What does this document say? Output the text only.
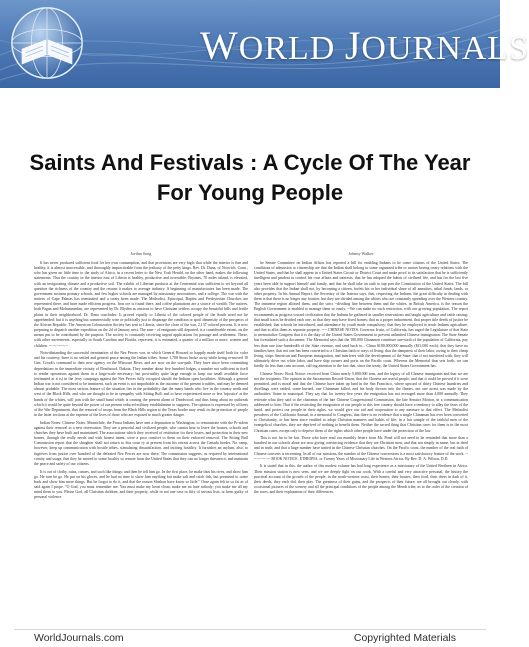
WORLD JOURNALS
Saints And Festivals : A Cycle Of The Year For Young People
Jordan Song

It has never produced sufficient food for her own consumption, and that provisions are very high; that while the interior is fine and healthy, it is almost inaccessible, and thoroughly impracticable from the jealousy of the petty kings. Rev. Dr. Dana, of Norwich, Conn., who has given no little time to the study of Africa, in a recent letter to the New York Herald, on the other hand, makes the following statements: That the country in the interior east of Liberia is healthy, productive and accessible; Bryanes, 70 miles inland, is elevated, with an invigorating climate and a productive soil. The exhibit of Liberian products at the Centennial was sufficient to set beyond all question the richness of the country and the returns it makes to average industry. A beginning of manufactories has been made. The government sustains primary schools, and few higher schools are managed by missionary associations, and a college. The war with the natives of Cape Palmas has terminated and a treaty been made. The Methodist, Episcopal, Baptist and Presbyterian Churches are represented there, and have made efficient progress. Iron ore is found there, and coffee plantations are a source of wealth. The natives, both Pagan and Mohammedan, are represented by Dr. Blyden as anxious to have Christian settlers occupy the beautiful hills and fertile plains in their neighborhood. Dr. Dana concludes: It proved equally to Liberia of the colored people of the South need not be apprehended; but it is anything but commercially wise or politically just to disparage the condition or spoil dimensity of the prospects of the African Republic. The American Colonization Society has sent to Liberia, since the close of the war, 2,137 colored persons. It is now preparing to dispatch another expedition on the 2d of January next. The sum-- of emigrants still departed, is a considerable extent, on the means put to be contributed by the purpose. The society is constantly receiving urgent applications for passage and settlement. These, with other movements, especially in South Carolina and Florida, represent, it is estimated, a quarter of a million or more, women and children. -----:------:--

Notwithstanding the successful termination of the Nez Perces war, in which General Howard so happily made itself both for valor and his courtesy, there is no settled and general peace among the Indian tribes. Some 1,700 Sioux broke away while being re-moved 10 Gen. Crook's command to their new agency on the Missouri River, and are now on the war-path. They have since been committing depredations in the immediate vicinity of Deadwood, Dakota. They number about five hundred lodges, a number not sufficient in itself to render operations against them in a large-scale necessary; but post-utility quite large enough to keep our small available force (estimated at it is) in the ferry campaign against the Nez Perces fully occupied should the Indians open hostilities. Although a general Indian war is not considered to be imminent, such an event is not improbable as the outcome of the present troubles, and may be deemed almost probable. The most serious feature of the situation lies in the probability that the many bands who live in the country north and west of the Black Hills, and who are thought to be in sympathy with Sitting Bull, and to have experienced more or less 'injustice' at the hands of the whites, will join with the small band which is causing the present alarm of Deadwood; and thus bring about no outbreak which it would be quite beyond the power of our present reduced military establishment to suppress. The opinion is expressed by officers of the War Department, that the removal of troops from the Black Hills region to the Texas border may result in the protection of people in the latter sections at the expense of the lives of those who are exposed to much greater danger.

Indian Notes: Chinese Notes. Meanwhile, the Ponca Indians have sent a deputation to Washington, to remonstrate with the Pr-sident against their removal to a new reservation. They are a peaceful and civilized people, who cannot bear to leave the houses, schools and churches they have built and maintained. The associations which they received of restitution for their losses, and protection in their new homes, through the really needs and with honest intent, were a poor comfort to them on their enforced removal. The Sitting Bull Commission report that the slaughter shall not return to this coun ry at present from his retreat across the Canada border. No camp, however, keep up communication with hostile tribes, stimulating dissatisfaction, and inciting hostility. It furnishes an asylum, also, to fugitives from justice over hundred of the defeated Nez Perces are now there. The commission suggests, as required by international comity and usage, that they be moved to some locality so remote from the United States that they can no longer threaten it, and maintain the peace and safety of our citizens.

It is out of clothy, rains, canoes, and such like things; and then he tell him go. In the first place, he make thus his rives, and show him go. He turn he go. He put on his gloves, and he had no time to show him anything but make salt and catch fish, but promised to come back and show him more things. But he forgot to do it, and that the reason Shishon have know so little." Ouse again felt in so fat as of said again I prope. "O God, you must remember me. You must make my heart clean; make me no hate nobody; you make me all my mind them to you. Please God, all Christian children, and their property, while in not one case in fifty of serious lists, or been guilty of personal violence.

Johnny Walker

he Senate Committee on Indian Affairs has reported a bill for enabling Indians to be come citizens of the United States. The conditions of admission to citizenship are that the Indian shall belong to some organized tribe or nation having treaty relations with the United States, and that he shall appear in a United States Circuit or District Court and make proof to its satisfaction that he is sufficiently intelligent and prudent to control his own affairs and interests, that he has adopted the habits of civilized life, and has for the last five years been able to support himself and family, and that he shall take an oath to sup port the Constitution of the United States. The bill also provides that the Indian shall not, by becoming a citizen, forfeit his or her individual share of all annuities, tribal funds, lands, or other property. In his Annual Report, the Secretary of the Interior says, that, respecting the Indians, the great difficulty in dealing with them is that there is no longer any frontier, but they are divided among the whites who are constantly spreading over the Western country. The immense region allotted them, and the strict --dividing line between them and the whites, in British America, is the reason the English Government is enabled to manage them so easily. --We can make no such restriction, with our growing population. The report recommends as progress toward civilization that the Indians be gathered in smaller reservations and taught agriculture and cattle raising; that small tracts be divided each one, so that they may have fixed homes; that as a proper inducement, that proper title deeds of justice be established; that schools be introduced, and attendance by youth made compulsory; that they be employed to teach Indians agriculture, and that to allot them as separate property. ---- CHINESE NOTES. Governor Irwin, of California, has urged the Legislature of that State to memorialize Congress that it is the duty of the United States Government to prevent unlimited Chinese immigration. The State Senate has formulated such a document. The Memorial says that the 180,000 Chinamen constitute one-sixth of the population of California, pay less than one four-hundredth of the State revenue, and send back to... China $180,000,000 annually ($11,000 each); that they have no families here; that not one has been converted to a Christian faith or ways of living; that the dampness of their labor, owing to their cheap living, strips American and European immigration, and interferes with the development of the State; that if not interfered with, they will ultimately drive out white labor, and have ship owners and ports on the Pacific coast. Whereas the Memorial thus sets forth, we can hardly do less than cum account, call ing attention to the fact that, since the treaty, the United States Government has.

Chinese Notes: Book Notice: received from China nearly 5,000,000 tons, and the legacy of all Chinese immigrants and that we are not the recipients. The opinion in the Sacramento Record-Union, that the Chinese are useful people, and that it could be proved if it were permitted, and is moral and that the Chinese have taken up land in the San Francisco, where upward of thirty Chinese laundries and dwellings were raided, some burned, one Chinaman killed, and his body thrown into the flames, not one arrest was made by the authorities. Some in municipal. They say that for twenty-five years the emigration has not averaged more than 4,000 annually. They reiterate what they said to the chairman of the late Chinese Congressional Commission, the late Senator Morton, in a communication addressed to him: That if the restricting the emigration of our people to this free country should have a tendency to allay the fears of the timid, and protect our people in their rights, we would give our aid and cooperation to any measure to that effect. The Methodist preachers of the California Annual, in a memorial to Congress, that there is no evidence that a single Chinaman has ever been converted to Christianity, or has been since enabled to adopt Christian manners and habits of life; in a fair sample of the faithful men of the evangelical churches, they are deprived of nothing to benefit them. Neither the sacred thing that Christian cares for them is in the most Christian cases, except only to deprive them of the rights which other people have under the protection of the law.

This is not far to be fair. Those who have read our monthly letters from Mr. Pond will not need to be reminded that more than a hundred in our schools alone are now giving convincing evidence that they are Christian men, and that not simply in name, but in deed and in truth; and that a large number have united in the Chinese Christian churches. On the Pacific coast, the number of the real faith of Chinese converts is increasing. In all of our missions, the number of the Chinese conversions is a most satisfactory feature of the work. -----:------:-- BOOK NOTICE. ETHIOPIA, or Twenty Years of Missionary Life in Western Africa. By Rev. D. A. Wilson, D.D.

It is stated that in this, the author of this modest volume has had long experience as a missionary of the United Brethren in Africa. Their mission station is now seen, and we are deeply fight on our work. With a careful and very attractive personal, the history the practical account of the growth of the people, in the north-western coast, their homes, their houses, their food, their dress in dark of it, their deeds, they each did, their play. The greatness of their gains, and the prospects of their future, are all brought out clearly, with occasional pictures of the scenery and all the principal conditions of the people among the Mendi tribe, as to the order of the creation of the races, and their explanation of their differences.

WorldJournals.com	Copyrighted Materials
